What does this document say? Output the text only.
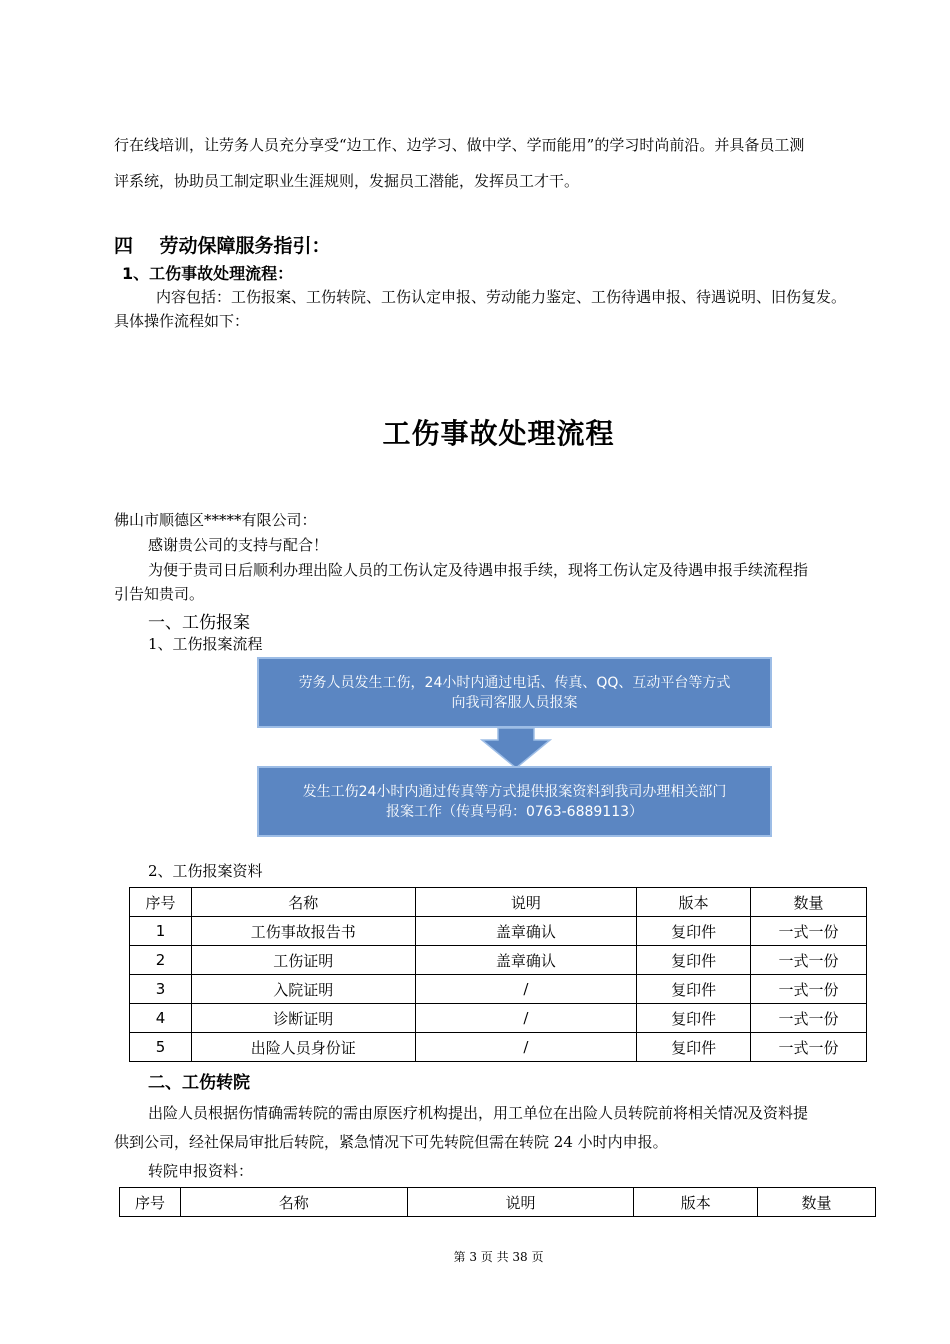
行在线培训，让劳务人员充分享受“边工作、边学习、做中学、学而能用”的学习时尚前沿。并具备员工测
评系统，协助员工制定职业生涯规则，发掘员工潜能，发挥员工才干。
四    劳动保障服务指引：
1、工伤事故处理流程：
内容包括：工伤报案、工伤转院、工伤认定申报、劳动能力鉴定、工伤待遇申报、待遇说明、旧伤复发。
具体操作流程如下：
工伤事故处理流程
佛山市顺德区*****有限公司：
感谢贵公司的支持与配合！
为便于贵司日后顺利办理出险人员的工伤认定及待遇申报手续，现将工伤认定及待遇申报手续流程指
引告知贵司。
一、工伤报案
1、工伤报案流程
劳务人员发生工伤，24小时内通过电话、传真、QQ、互动平台等方式
向我司客服人员报案
发生工伤24小时内通过传真等方式提供报案资料到我司办理相关部门
报案工作（传真号码：0763-6889113）
2、工伤报案资料
序号	名称	说明	版本	数量
1	工伤事故报告书	盖章确认	复印件	一式一份
2	工伤证明	盖章确认	复印件	一式一份
3	入院证明	/	复印件	一式一份
4	诊断证明	/	复印件	一式一份
5	出险人员身份证	/	复印件	一式一份
二、工伤转院
出险人员根据伤情确需转院的需由原医疗机构提出，用工单位在出险人员转院前将相关情况及资料提
供到公司，经社保局审批后转院，紧急情况下可先转院但需在转院 24 小时内申报。
转院申报资料：
序号	名称	说明	版本	数量
第 3 页 共 38 页
